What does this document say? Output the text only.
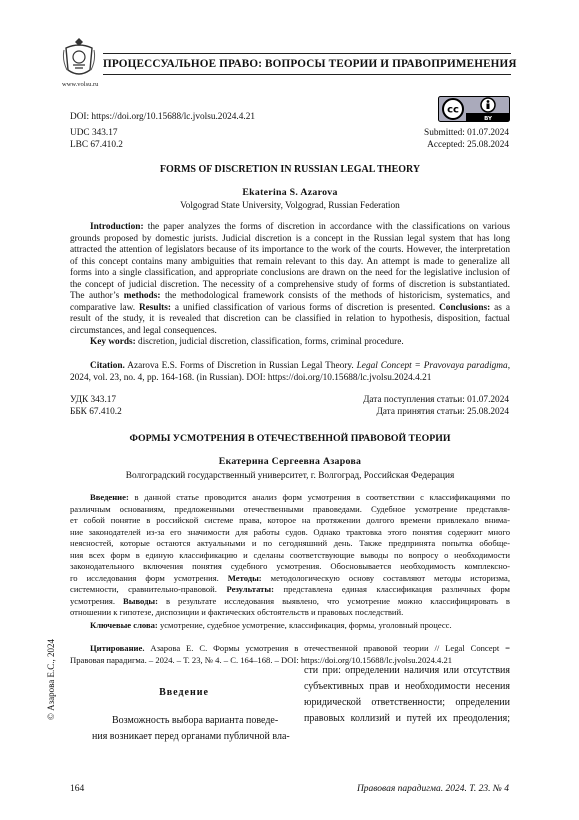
www.volsu.ru
ПРОЦЕССУАЛЬНОЕ ПРАВО: ВОПРОСЫ ТЕОРИИ И ПРАВОПРИМЕНЕНИЯ
DOI: https://doi.org/10.15688/lc.jvolsu.2024.4.21
cc
BY
UDC 343.17
LBC 67.410.2
Submitted: 01.07.2024
Accepted: 25.08.2024
FORMS OF DISCRETION IN RUSSIAN LEGAL THEORY
Ekaterina S. Azarova
Volgograd State University, Volgograd, Russian Federation
Introduction: the paper analyzes the forms of discretion in accordance with the classifications on various
grounds proposed by domestic jurists. Judicial discretion is a concept in the Russian legal system that has long
attracted the attention of legislators because of its importance to the work of the courts. However, the interpretation
of this concept contains many ambiguities that remain relevant to this day. An attempt is made to generalize all
forms into a single classification, and appropriate conclusions are drawn on the need for the legislative inclusion of
the concept of judicial discretion. The necessity of a comprehensive study of forms of discretion is substantiated.
The author’s methods: the methodological framework consists of the methods of historicism, systematics, and
comparative law. Results: a unified classification of various forms of discretion is presented. Conclusions: as a
result of the study, it is revealed that discretion can be classified in relation to hypothesis, disposition, factual
circumstances, and legal consequences.
Key words: discretion, judicial discretion, classification, forms, criminal procedure.
Citation. Azarova E.S. Forms of Discretion in Russian Legal Theory. Legal Concept = Pravovaya paradigma,
2024, vol. 23, no. 4, pp. 164-168. (in Russian). DOI: https://doi.org/10.15688/lc.jvolsu.2024.4.21
УДК 343.17
ББК 67.410.2
Дата поступления статьи: 01.07.2024
Дата принятия статьи: 25.08.2024
ФОРМЫ УСМОТРЕНИЯ В ОТЕЧЕСТВЕННОЙ ПРАВОВОЙ ТЕОРИИ
Екатерина Сергеевна Азарова
Волгоградский государственный университет, г. Волгоград, Российская Федерация
Введение: в данной статье проводится анализ форм усмотрения в соответствии с классификациями по
различным основаниям, предложенными отечественными правоведами. Судебное усмотрение представля-
ет собой понятие в российской системе права, которое на протяжении долгого времени привлекало внима-
ние законодателей из-за его значимости для работы судов. Однако трактовка этого понятия содержит много
неясностей, которые остаются актуальными и по сегодняшний день. Также предпринята попытка обобще-
ния всех форм в единую классификацию и сделаны соответствующие выводы по вопросу о необходимости
законодательного включения понятия судебного усмотрения. Обосновывается необходимость комплексно-
го исследования форм усмотрения. Методы: методологическую основу составляют методы историзма,
системности, сравнительно-правовой. Результаты: представлена единая классификация различных форм
усмотрения. Выводы: в результате исследования выявлено, что усмотрение можно классифицировать в
отношении к гипотезе, диспозиции и фактических обстоятельств и правовых последствий.
Ключевые слова: усмотрение, судебное усмотрение, классификация, формы, уголовный процесс.
Цитирование. Азарова Е. С. Формы усмотрения в отечественной правовой теории // Legal Concept =
Правовая парадигма. – 2024. – Т. 23, № 4. – С. 164–168. – DOI: https://doi.org/10.15688/lc.jvolsu.2024.4.21
© Азарова Е.С., 2024	Введение
Возможность выбора варианта поведе-
ния возникает перед органами публичной вла-
сти при: определении наличия или отсутствия
субъективных прав и необходимости несения
юридической ответственности; определении
правовых коллизий и путей их преодоления;
164	Правовая парадигма. 2024. Т. 23. № 4
